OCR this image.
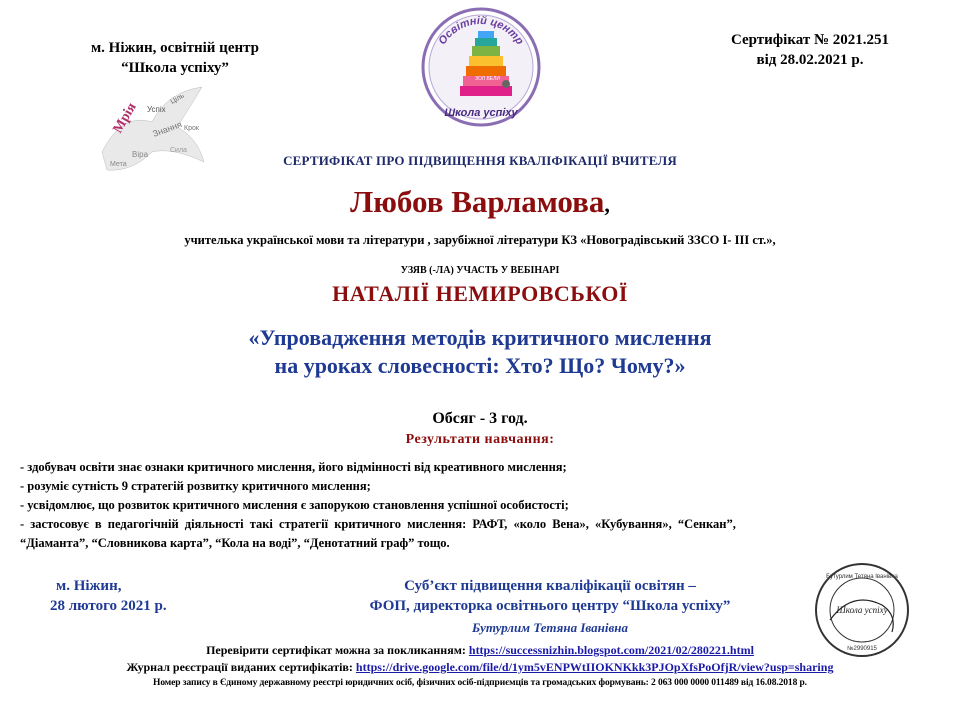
м. Ніжин, освітній центр
“Школа успіху”
Мрія Успіх
Знання
Віра
Ціль
Сила
Мета
Крок
Освітній центр
ЗОЛ ВЕЛИ
Школа успіху
Сертифікат № 2021.251
від 28.02.2021 р.
СЕРТИФІКАТ ПРО ПІДВИЩЕННЯ КВАЛІФІКАЦІЇ ВЧИТЕЛЯ
Любов Варламова,
учителька української мови та літератури , зарубіжної літератури КЗ «Новоградівський ЗЗСО І- ІІІ ст.»,
УЗЯВ (-ЛА) УЧАСТЬ У ВЕБІНАРІ
НАТАЛІЇ НЕМИРОВСЬКОЇ
«Упровадження методів критичного мислення
на уроках словесності: Хто? Що? Чому?»
Обсяг - 3 год.
Результати навчання:
- здобувач освіти знає ознаки критичного мислення, його відмінності від креативного мислення;
- розуміє сутність 9 стратегій розвитку критичного мислення;
- усвідомлює, що розвиток критичного мислення є запорукою становлення успішної особистості;
- застосовує в педагогічній діяльності такі стратегії критичного мислення: РАФТ, «коло Вена», «Кубування», “Сенкан”,
“Діаманта”, “Словникова карта”, “Кола на воді”, “Денотатний граф” тощо.
м. Ніжин,
28 лютого 2021 р.
Суб’єкт підвищення кваліфікації освітян –
ФОП, директорка освітнього центру “Школа успіху”
Бутурлим Тетяна Іванівна
Бутурлим Тетяна Іванівна
Школа успіху
№2990915
Перевірити сертифікат можна за покликанням: https://successnizhin.blogspot.com/2021/02/280221.html
Журнал реєстрації виданих сертифікатів: https://drive.google.com/file/d/1ym5vENPWtIIOKNKkk3PJOpXfsPoOfjR/view?usp=sharing
Номер запису в Єдиному державному реєстрі юридичних осіб, фізичних осіб-підприємців та громадських формувань: 2 063 000 0000 011489 від 16.08.2018 р.
